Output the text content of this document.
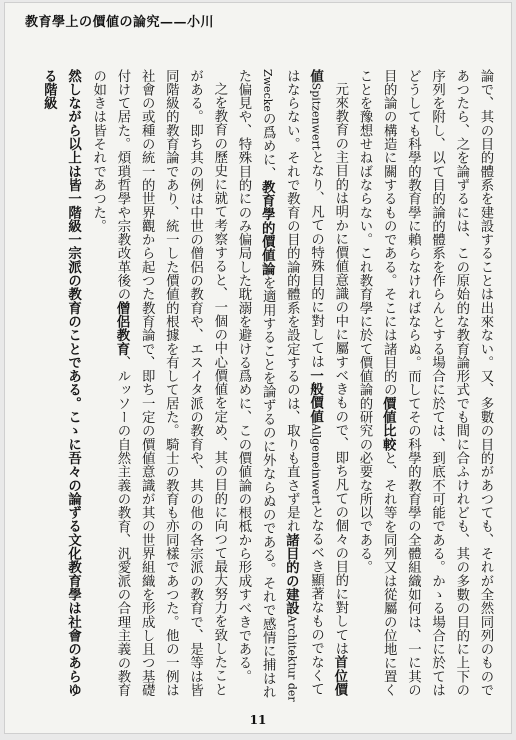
教育學上の價値の論究——小川

論で、其の目的體系を建設することは出來ない。又、多數の目的があつても、それが全然同列のものであつたら、之を論ずるには、この原始的な教育論形式でも間に合ふけれども、其の多數の目的に上下の序列を附し、以て目的論的體系を作らんとする場合に於ては、到底不可能である。かゝる場合に於てはどうしても科學的教育學に賴らなければならぬ。而してその科學的教育學の全體組織如何は、一に其の目的論の構造に關するものである。そこには諸目的の價値比較と、それ等を同列又は從屬の位地に置くことを豫想せねばならない。これ教育學に於て價値論的研究の必要な所以である。

元來教育の主目的は明かに價値意識の中に屬すべきもので、即ち凡ての個々の目的に對しては首位價値Spitzenwertとなり、凡ての特殊目的に對しては一般價値Allgemeinwertとなるべき顯著なものでなくてはならない。それで教育の目的論的體系を設定するのは、取りも直さず是れ諸目的の建設Architektur der Zweckeの爲めに、教育學的價値論を適用することを論ずるのに外ならぬのである。それで感情に捕はれた偏見や、特殊目的にのみ偏局した耽溺を避ける爲めに、この價値論の根柢から形成すべきである。

之を教育の歷史に就て考察すると、一個の中心價値を定め、其の目的に向つて最大努力を致したことがある。即ち其の例は中世の僧侶の教育や、エスイタ派の教育や、其の他の各宗派の教育で、是等は皆同階級的教育論であり、統一した價値的根據を有して居た。騎士の教育も亦同樣であつた。他の一例は社會の或種の統一的世界觀から起つた教育論で、即ち一定の價値意識が其の世界組織を形成し且つ基礎付けて居た。煩瑣哲學や宗教改革後の僧侶教育、ルッソーの自然主義の教育、汎愛派の合理主義の教育の如きは皆それであつた。

然しながら以上は皆一階級一宗派の教育のことである。こゝに吾々の論ずる文化教育學は社會のあらゆる階級

11
